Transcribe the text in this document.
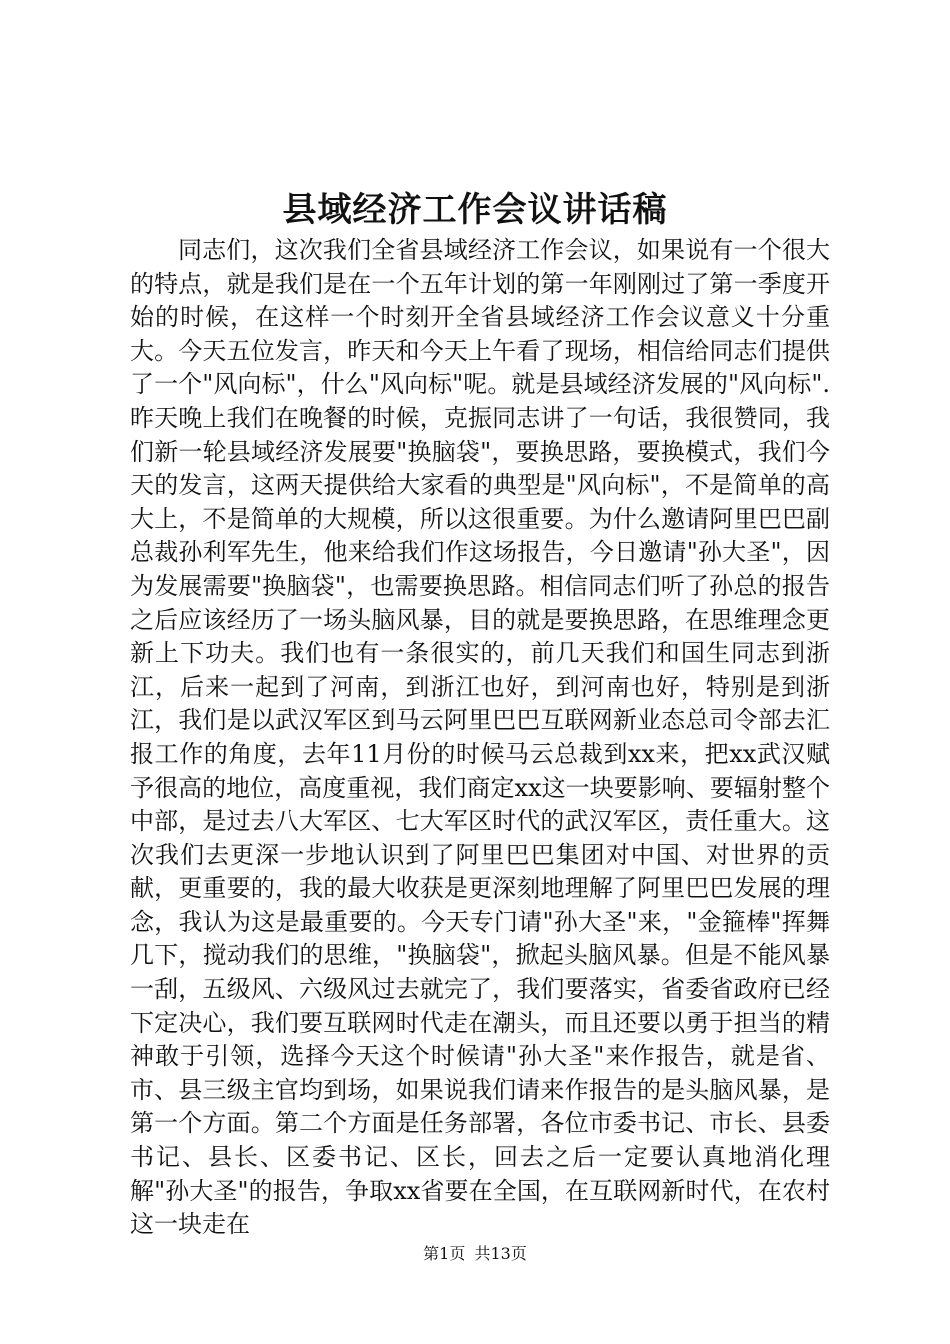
县域经济工作会议讲话稿

同志们，这次我们全省县域经济工作会议，如果说有一个很大的特点，就是我们是在一个五年计划的第一年刚刚过了第一季度开始的时候，在这样一个时刻开全省县域经济工作会议意义十分重大。今天五位发言，昨天和今天上午看了现场，相信给同志们提供了一个"风向标"，什么"风向标"呢。就是县域经济发展的"风向标".昨天晚上我们在晚餐的时候，克振同志讲了一句话，我很赞同，我们新一轮县域经济发展要"换脑袋"，要换思路，要换模式，我们今天的发言，这两天提供给大家看的典型是"风向标"，不是简单的高大上，不是简单的大规模，所以这很重要。为什么邀请阿里巴巴副总裁孙利军先生，他来给我们作这场报告，今日邀请"孙大圣"，因为发展需要"换脑袋"，也需要换思路。相信同志们听了孙总的报告之后应该经历了一场头脑风暴，目的就是要换思路，在思维理念更新上下功夫。我们也有一条很实的，前几天我们和国生同志到浙江，后来一起到了河南，到浙江也好，到河南也好，特别是到浙江，我们是以武汉军区到马云阿里巴巴互联网新业态总司令部去汇报工作的角度，去年11月份的时候马云总裁到xx来，把xx武汉赋予很高的地位，高度重视，我们商定xx这一块要影响、要辐射整个中部，是过去八大军区、七大军区时代的武汉军区，责任重大。这次我们去更深一步地认识到了阿里巴巴集团对中国、对世界的贡献，更重要的，我的最大收获是更深刻地理解了阿里巴巴发展的理念，我认为这是最重要的。今天专门请"孙大圣"来，"金箍棒"挥舞几下，搅动我们的思维，"换脑袋"，掀起头脑风暴。但是不能风暴一刮，五级风、六级风过去就完了，我们要落实，省委省政府已经下定决心，我们要互联网时代走在潮头，而且还要以勇于担当的精神敢于引领，选择今天这个时候请"孙大圣"来作报告，就是省、市、县三级主官均到场，如果说我们请来作报告的是头脑风暴，是第一个方面。第二个方面是任务部署，各位市委书记、市长、县委书记、县长、区委书记、区长，回去之后一定要认真地消化理解"孙大圣"的报告，争取xx省要在全国，在互联网新时代，在农村这一块走在

第1页 共13页
